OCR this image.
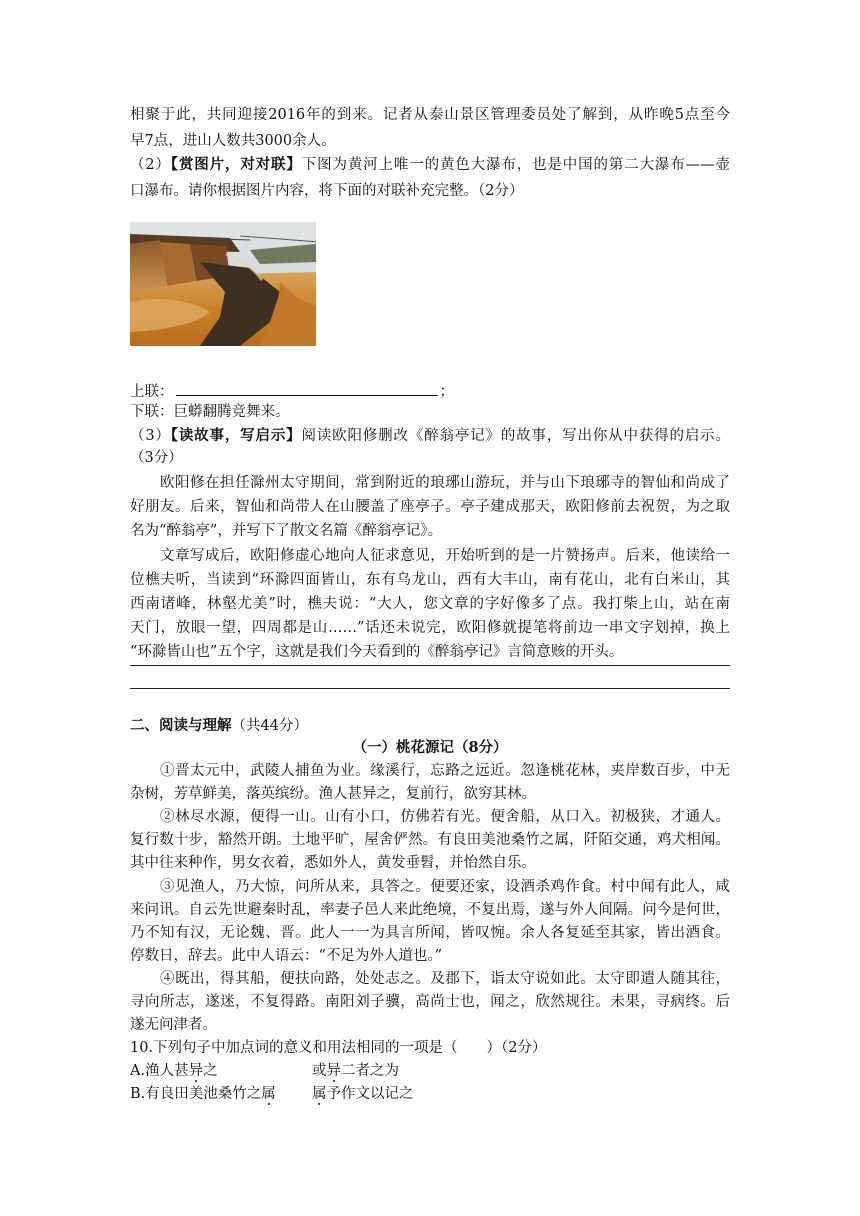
相聚于此，共同迎接2016年的到来。记者从泰山景区管理委员处了解到，从昨晚5点至今
早7点，进山人数共3000余人。
（2）【赏图片，对对联】下图为黄河上唯一的黄色大瀑布，也是中国的第二大瀑布——壶
口瀑布。请你根据图片内容，将下面的对联补充完整。（2分）
上联：	；
下联：巨蟒翻腾竞舞来。
（3）【读故事，写启示】阅读欧阳修删改《醉翁亭记》的故事，写出你从中获得的启示。
（3分）
欧阳修在担任滁州太守期间，常到附近的琅琊山游玩，并与山下琅琊寺的智仙和尚成了
好朋友。后来，智仙和尚带人在山腰盖了座亭子。亭子建成那天，欧阳修前去祝贺，为之取
名为“醉翁亭”，并写下了散文名篇《醉翁亭记》。
文章写成后，欧阳修虚心地向人征求意见，开始听到的是一片赞扬声。后来，他读给一
位樵夫听，当读到“环滁四面皆山，东有乌龙山，西有大丰山，南有花山，北有白米山，其
西南诸峰，林壑尤美”时，樵夫说：“大人，您文章的字好像多了点。我打柴上山，站在南
天门，放眼一望，四周都是山……”话还未说完，欧阳修就提笔将前边一串文字划掉，换上
“环滁皆山也”五个字，这就是我们今天看到的《醉翁亭记》言简意赅的开头。
二、阅读与理解（共44分）
（一）桃花源记（8分）
①晋太元中，武陵人捕鱼为业。缘溪行，忘路之远近。忽逢桃花林，夹岸数百步，中无
杂树，芳草鲜美，落英缤纷。渔人甚异之，复前行，欲穷其林。
②林尽水源，便得一山。山有小口，仿佛若有光。便舍船，从口入。初极狭，才通人。
复行数十步，豁然开朗。土地平旷，屋舍俨然。有良田美池桑竹之属，阡陌交通，鸡犬相闻。
其中往来种作，男女衣着，悉如外人，黄发垂髫，并怡然自乐。
③见渔人，乃大惊，问所从来，具答之。便要还家，设酒杀鸡作食。村中闻有此人，咸
来问讯。自云先世避秦时乱，率妻子邑人来此绝境，不复出焉，遂与外人间隔。问今是何世，
乃不知有汉，无论魏、晋。此人一一为具言所闻，皆叹惋。余人各复延至其家，皆出酒食。
停数日，辞去。此中人语云：“不足为外人道也。”
④既出，得其船，便扶向路，处处志之。及郡下，诣太守说如此。太守即遣人随其往，
寻向所志，遂迷，不复得路。南阳刘子骥，高尚士也，闻之，欣然规往。未果，寻病终。后
遂无问津者。
10.下列句子中加点词的意义和用法相同的一项是（　　）（2分）
A.渔人甚异之	或异二者之为
B.有良田美池桑竹之属 属予作文以记之
